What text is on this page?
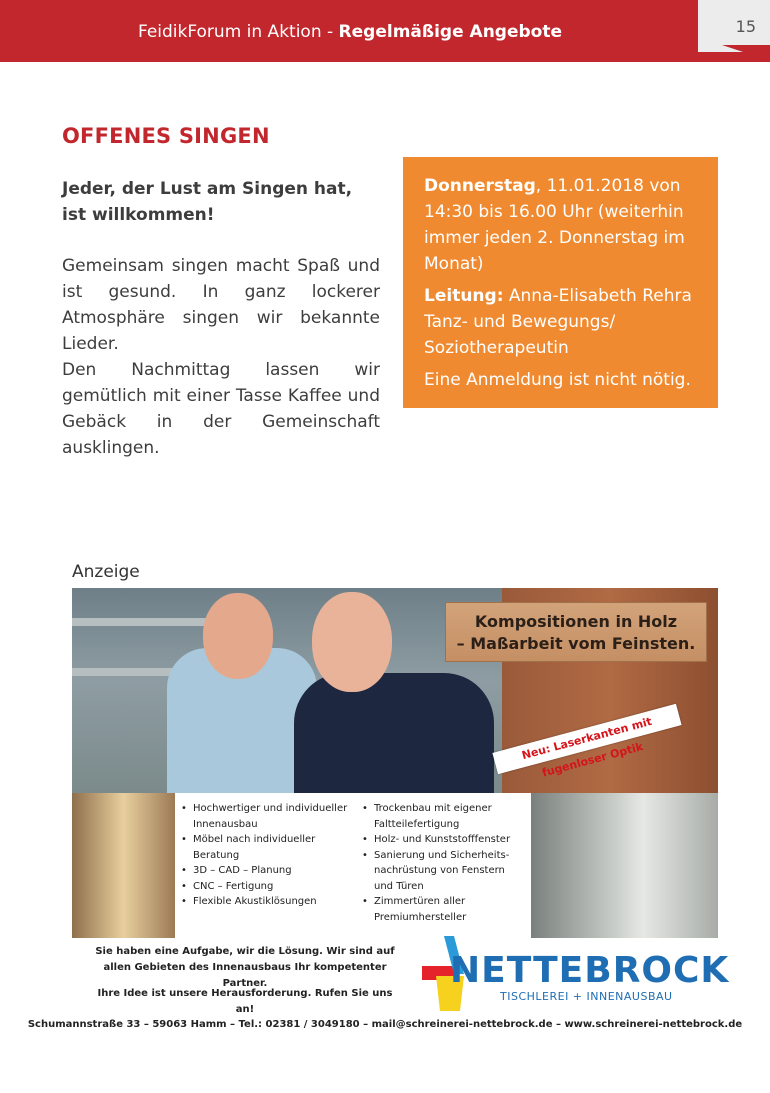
FeidikForum in Aktion - Regelmäßige Angebote	15
OFFENES SINGEN
Jeder, der Lust am Singen hat, ist willkommen!

Gemeinsam singen macht Spaß und ist gesund. In ganz lockerer Atmosphäre singen wir bekannte Lieder.

Den Nachmittag lassen wir gemütlich mit einer Tasse Kaffee und Gebäck in der Gemeinschaft ausklingen.

Donnerstag, 11.01.2018 von 14:30 bis 16.00 Uhr (weiterhin immer jeden 2. Donnerstag im Monat)

Leitung: Anna-Elisabeth Rehra Tanz- und Bewegungs/ Soziotherapeutin

Eine Anmeldung ist nicht nötig.

Anzeige
Kompositionen in Holz
– Maßarbeit vom Feinsten.
Neu: Laserkanten mit fugenloser Optik
• Hochwertiger und individueller Innenausbau
• Möbel nach individueller Beratung
• 3D – CAD – Planung
• CNC – Fertigung
• Flexible Akustiklösungen
• Trockenbau mit eigener Faltteilefertigung
• Holz- und Kunststofffenster
• Sanierung und Sicherheits-nachrüstung von Fenstern und Türen
• Zimmertüren aller Premiumhersteller
Sie haben eine Aufgabe, wir die Lösung. Wir sind auf allen Gebieten des Innenausbaus Ihr kompetenter Partner.
Ihre Idee ist unsere Herausforderung. Rufen Sie uns an!
NETTEBROCK
TISCHLEREI + INNENAUSBAU
Schumannstraße 33 – 59063 Hamm – Tel.: 02381 / 3049180 – mail@schreinerei-nettebrock.de – www.schreinerei-nettebrock.de
